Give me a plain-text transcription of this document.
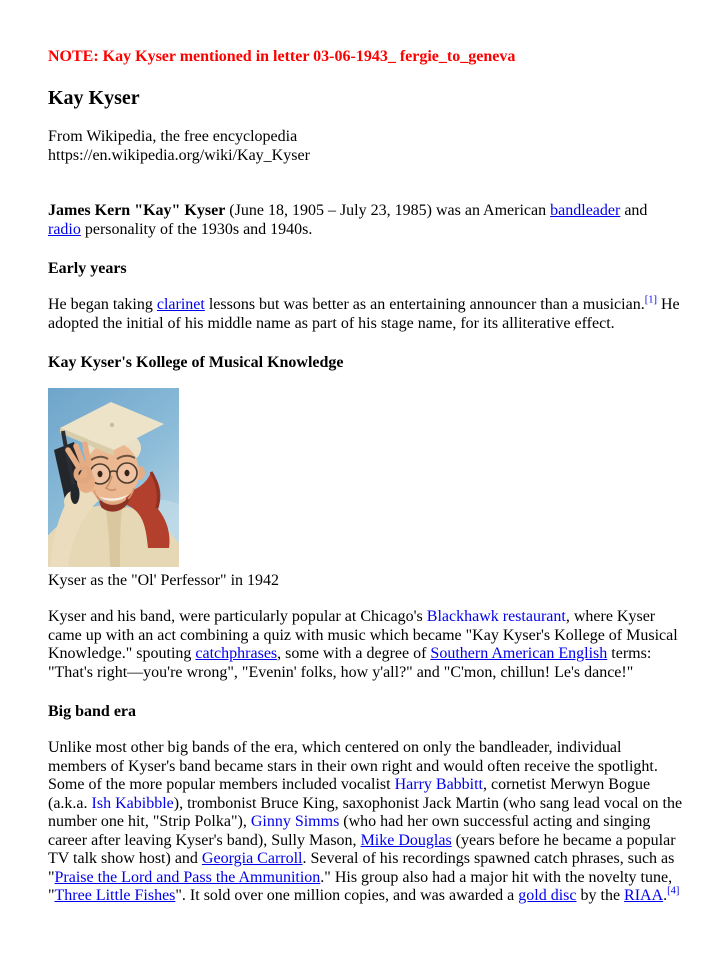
NOTE: Kay Kyser mentioned in letter 03-06-1943_ fergie_to_geneva

Kay Kyser

From Wikipedia, the free encyclopedia

https://en.wikipedia.org/wiki/Kay_Kyser

James Kern "Kay" Kyser (June 18, 1905 – July 23, 1985) was an American bandleader and radio personality of the 1930s and 1940s.

Early years

He began taking clarinet lessons but was better as an entertaining announcer than a musician.[1] He adopted the initial of his middle name as part of his stage name, for its alliterative effect.

Kay Kyser's Kollege of Musical Knowledge
Kyser as the "Ol' Perfessor" in 1942

Kyser and his band, were particularly popular at Chicago's Blackhawk restaurant, where Kyser came up with an act combining a quiz with music which became "Kay Kyser's Kollege of Musical Knowledge." spouting catchphrases, some with a degree of Southern American English terms: "That's right—you're wrong", "Evenin' folks, how y'all?" and "C'mon, chillun! Le's dance!"

Big band era

Unlike most other big bands of the era, which centered on only the bandleader, individual members of Kyser's band became stars in their own right and would often receive the spotlight. Some of the more popular members included vocalist Harry Babbitt, cornetist Merwyn Bogue (a.k.a. Ish Kabibble), trombonist Bruce King, saxophonist Jack Martin (who sang lead vocal on the number one hit, "Strip Polka"), Ginny Simms (who had her own successful acting and singing career after leaving Kyser's band), Sully Mason, Mike Douglas (years before he became a popular TV talk show host) and Georgia Carroll. Several of his recordings spawned catch phrases, such as "Praise the Lord and Pass the Ammunition." His group also had a major hit with the novelty tune, "Three Little Fishes". It sold over one million copies, and was awarded a gold disc by the RIAA.[4]
